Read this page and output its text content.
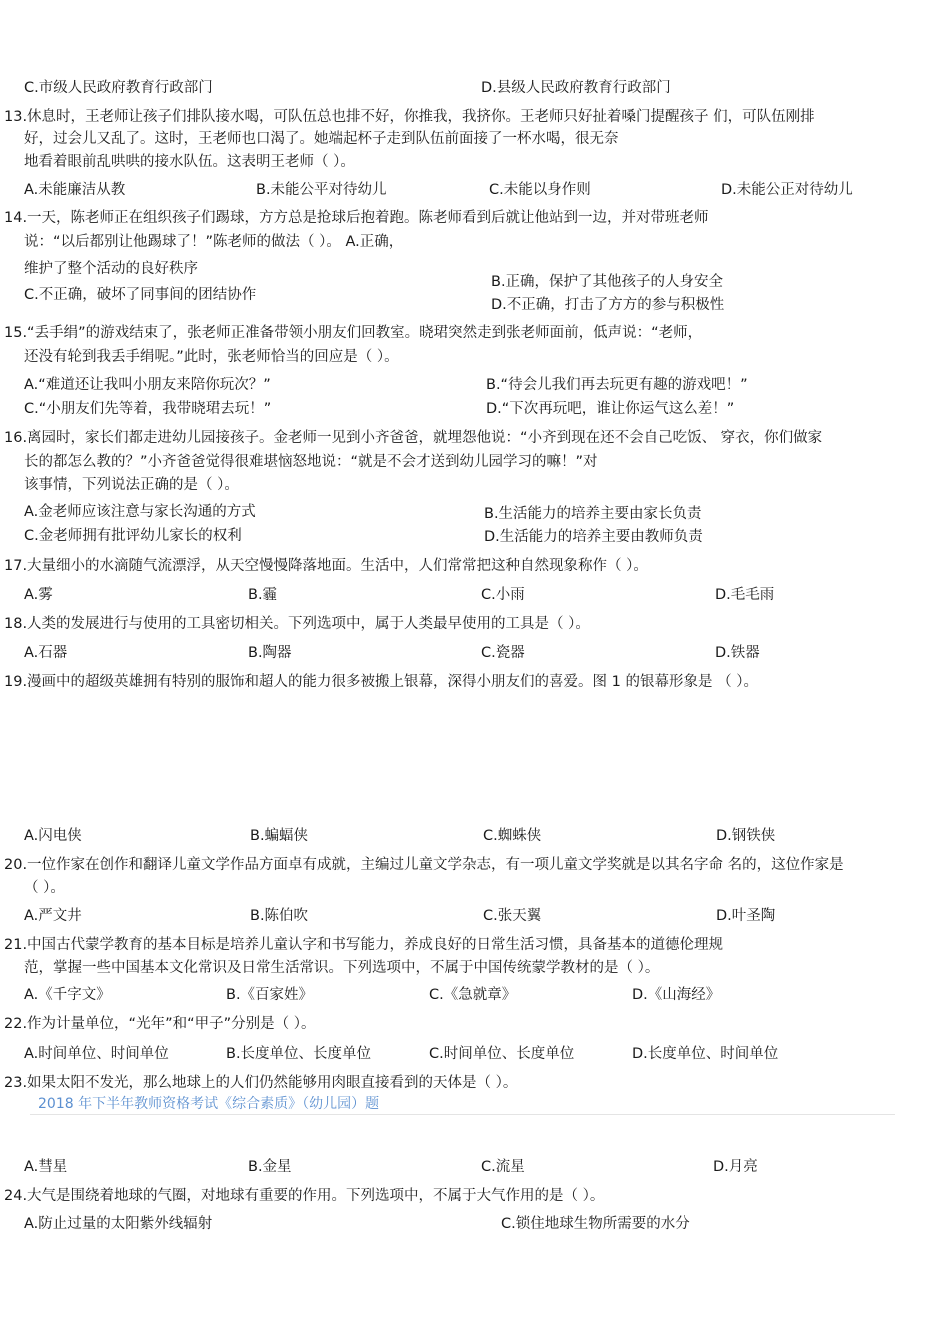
C.市级人民政府教育行政部门	D.县级人民政府教育行政部门
13.休息时，王老师让孩子们排队接水喝，可队伍总也排不好，你推我，我挤你。王老师只好扯着嗓门提醒孩子 们，可队伍刚排
好，过会儿又乱了。这时，王老师也口渴了。她端起杯子走到队伍前面接了一杯水喝，很无奈
地看着眼前乱哄哄的接水队伍。这表明王老师（ ）。
A.未能廉洁从教	B.未能公平对待幼儿	C.未能以身作则	D.未能公正对待幼儿
14.一天，陈老师正在组织孩子们踢球，方方总是抢球后抱着跑。陈老师看到后就让他站到一边，并对带班老师
说：“以后都别让他踢球了！”陈老师的做法（ ）。 A.正确，
维护了整个活动的良好秩序
B.正确，保护了其他孩子的人身安全
C.不正确，破坏了同事间的团结协作
D.不正确，打击了方方的参与积极性
15.“丢手绢”的游戏结束了，张老师正准备带领小朋友们回教室。晓珺突然走到张老师面前，低声说：“老师，
还没有轮到我丢手绢呢。”此时，张老师恰当的回应是（ ）。
A.“难道还让我叫小朋友来陪你玩次？”	B.“待会儿我们再去玩更有趣的游戏吧！”
C.“小朋友们先等着，我带晓珺去玩！”	D.“下次再玩吧，谁让你运气这么差！”
16.离园时，家长们都走进幼儿园接孩子。金老师一见到小齐爸爸，就埋怨他说：“小齐到现在还不会自己吃饭、 穿衣，你们做家
长的都怎么教的？”小齐爸爸觉得很难堪恼怒地说：“就是不会才送到幼儿园学习的嘛！”对
该事情，下列说法正确的是（ ）。
A.金老师应该注意与家长沟通的方式	B.生活能力的培养主要由家长负责
C.金老师拥有批评幼儿家长的权利	D.生活能力的培养主要由教师负责
17.大量细小的水滴随气流漂浮，从天空慢慢降落地面。生活中，人们常常把这种自然现象称作（ ）。
A.雾	B.霾	C.小雨	D.毛毛雨
18.人类的发展进行与使用的工具密切相关。下列选项中，属于人类最早使用的工具是（ ）。
A.石器	B.陶器	C.瓷器	D.铁器
19.漫画中的超级英雄拥有特别的服饰和超人的能力很多被搬上银幕，深得小朋友们的喜爱。图 1 的银幕形象是 （ ）。
A.闪电侠	B.蝙蝠侠	C.蜘蛛侠	D.钢铁侠
20.一位作家在创作和翻译儿童文学作品方面卓有成就，主编过儿童文学杂志，有一项儿童文学奖就是以其名字命 名的，这位作家是
（ ）。
A.严文井	B.陈伯吹	C.张天翼	D.叶圣陶
21.中国古代蒙学教育的基本目标是培养儿童认字和书写能力，养成良好的日常生活习惯，具备基本的道德伦理规
范，掌握一些中国基本文化常识及日常生活常识。下列选项中，不属于中国传统蒙学教材的是（ ）。
A.《千字文》	B.《百家姓》	C.《急就章》	D.《山海经》
22.作为计量单位，“光年”和“甲子”分别是（ ）。
A.时间单位、时间单位	B.长度单位、长度单位	C.时间单位、长度单位	D.长度单位、时间单位
23.如果太阳不发光，那么地球上的人们仍然能够用肉眼直接看到的天体是（ ）。
2018 年下半年教师资格考试《综合素质》（幼儿园）题
A.彗星	B.金星	C.流星	D.月亮
24.大气是围绕着地球的气圈，对地球有重要的作用。下列选项中，不属于大气作用的是（ ）。
A.防止过量的太阳紫外线辐射	C.锁住地球生物所需要的水分
